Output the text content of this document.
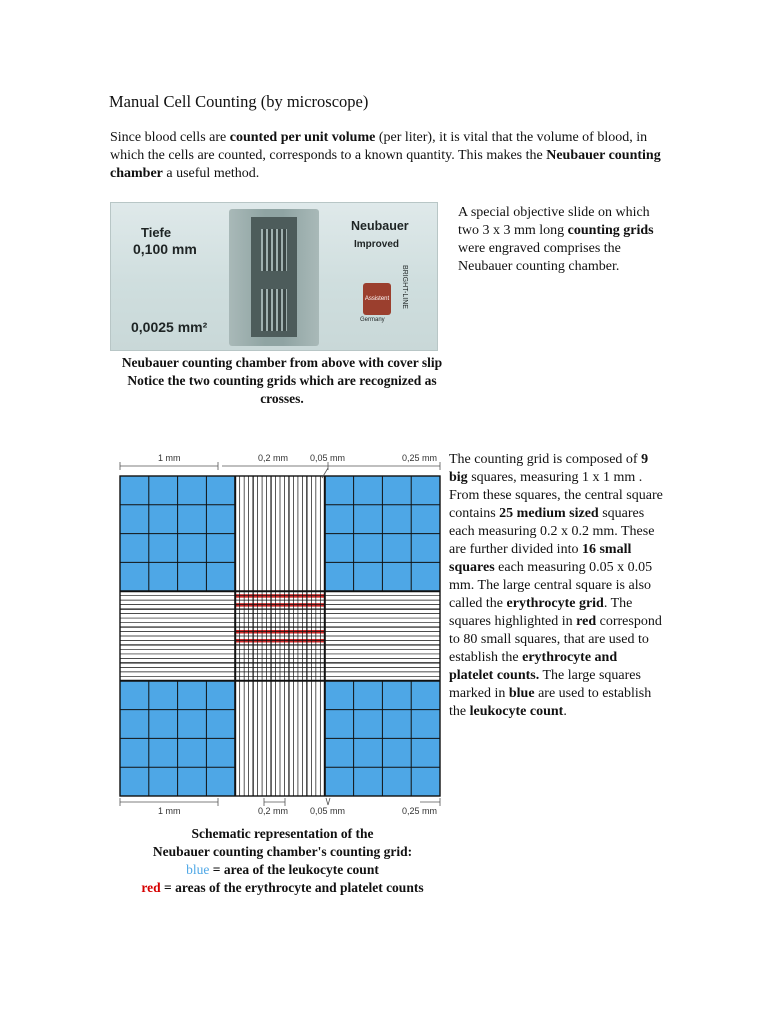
Manual Cell Counting (by microscope)
Since blood cells are counted per unit volume (per liter), it is vital that the volume of blood, in which the cells are counted, corresponds to a known quantity. This makes the Neubauer counting chamber a useful method.
Tiefe
0,100 mm
0,0025 mm²
Neubauer
Improved
BRIGHT-LINE
Assistent
Germany
A special objective slide on which two 3 x 3 mm long counting grids were engraved comprises the Neubauer counting chamber.
Neubauer counting chamber from above with cover slip
Notice the two counting grids which are recognized as crosses.
1 mm	0,2 mm 0,05 mm	0,25 mm
1 mm	0,2 mm 0,05 mm	0,25 mm
The counting grid is composed of 9 big squares, measuring 1 x 1 mm . From these squares, the central square contains 25 medium sized squares each measuring 0.2 x 0.2 mm. These are further divided into 16 small squares each measuring 0.05 x 0.05 mm. The large central square is also called the erythrocyte grid. The squares highlighted in red correspond to 80 small squares, that are used to establish the erythrocyte and platelet counts. The large squares marked in blue are used to establish the leukocyte count.
Schematic representation of the
Neubauer counting chamber's counting grid:
blue = area of the leukocyte count
red = areas of the erythrocyte and platelet counts
